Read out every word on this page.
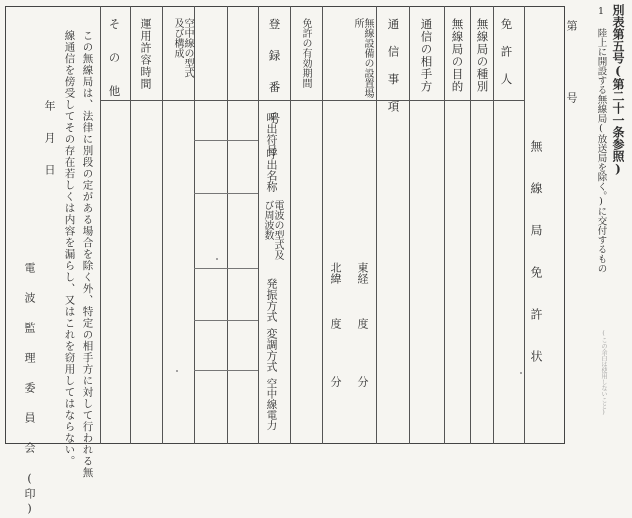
別表第五号(第二十一条参照)
1 陸上に開設する無線局(放送局を除く。)に交付するもの
(この余白は使用しないこと)
第 号
無 線 局 免 許 状
免 許 人
無線局の種別
無線局の目的
通信の相手方
通 信 事 項
無線設備の設置場所
免許の有効期間
登 録 番 号
運用許容時間	空中線の型式及び構成
そ の 他
東経
北緯
度
度
分
分
呼出符号
呼出名称
電波の型式及び周波数
発振方式
変調方式
空中線電力
この無線局は、法律に別段の定がある場合を除く外、特定の相手方に対して行われる無
線通信を傍受してその存在若しくは内容を漏らし、又はこれを窃用してはならない。
年
月
日
電 波 監 理 委 員 会 (印)
